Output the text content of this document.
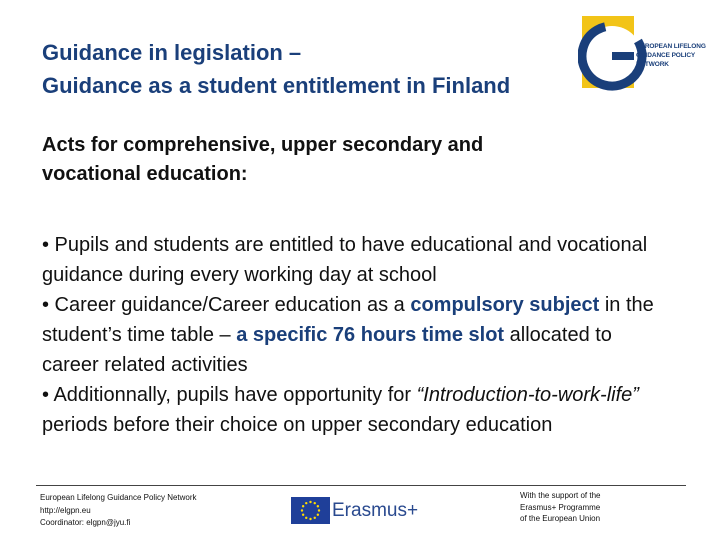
Guidance in legislation –
Guidance as a student entitlement in Finland
EUROPEAN LIFELONG
GUIDANCE POLICY
NETWORK
Acts for comprehensive, upper secondary and
vocational education:
• Pupils and students are entitled to have educational and vocational guidance during every working day at school
• Career guidance/Career education as a compulsory subject in the student’s time table – a specific 76 hours time slot allocated to career related activities
• Additionnally, pupils have opportunity for “Introduction-to-work-life” periods before their choice on upper secondary education
European Lifelong Guidance Policy Network
http://elgpn.eu
Coordinator: elgpn@jyu.fi
Erasmus+
With the support of the
Erasmus+ Programme
of the European Union
